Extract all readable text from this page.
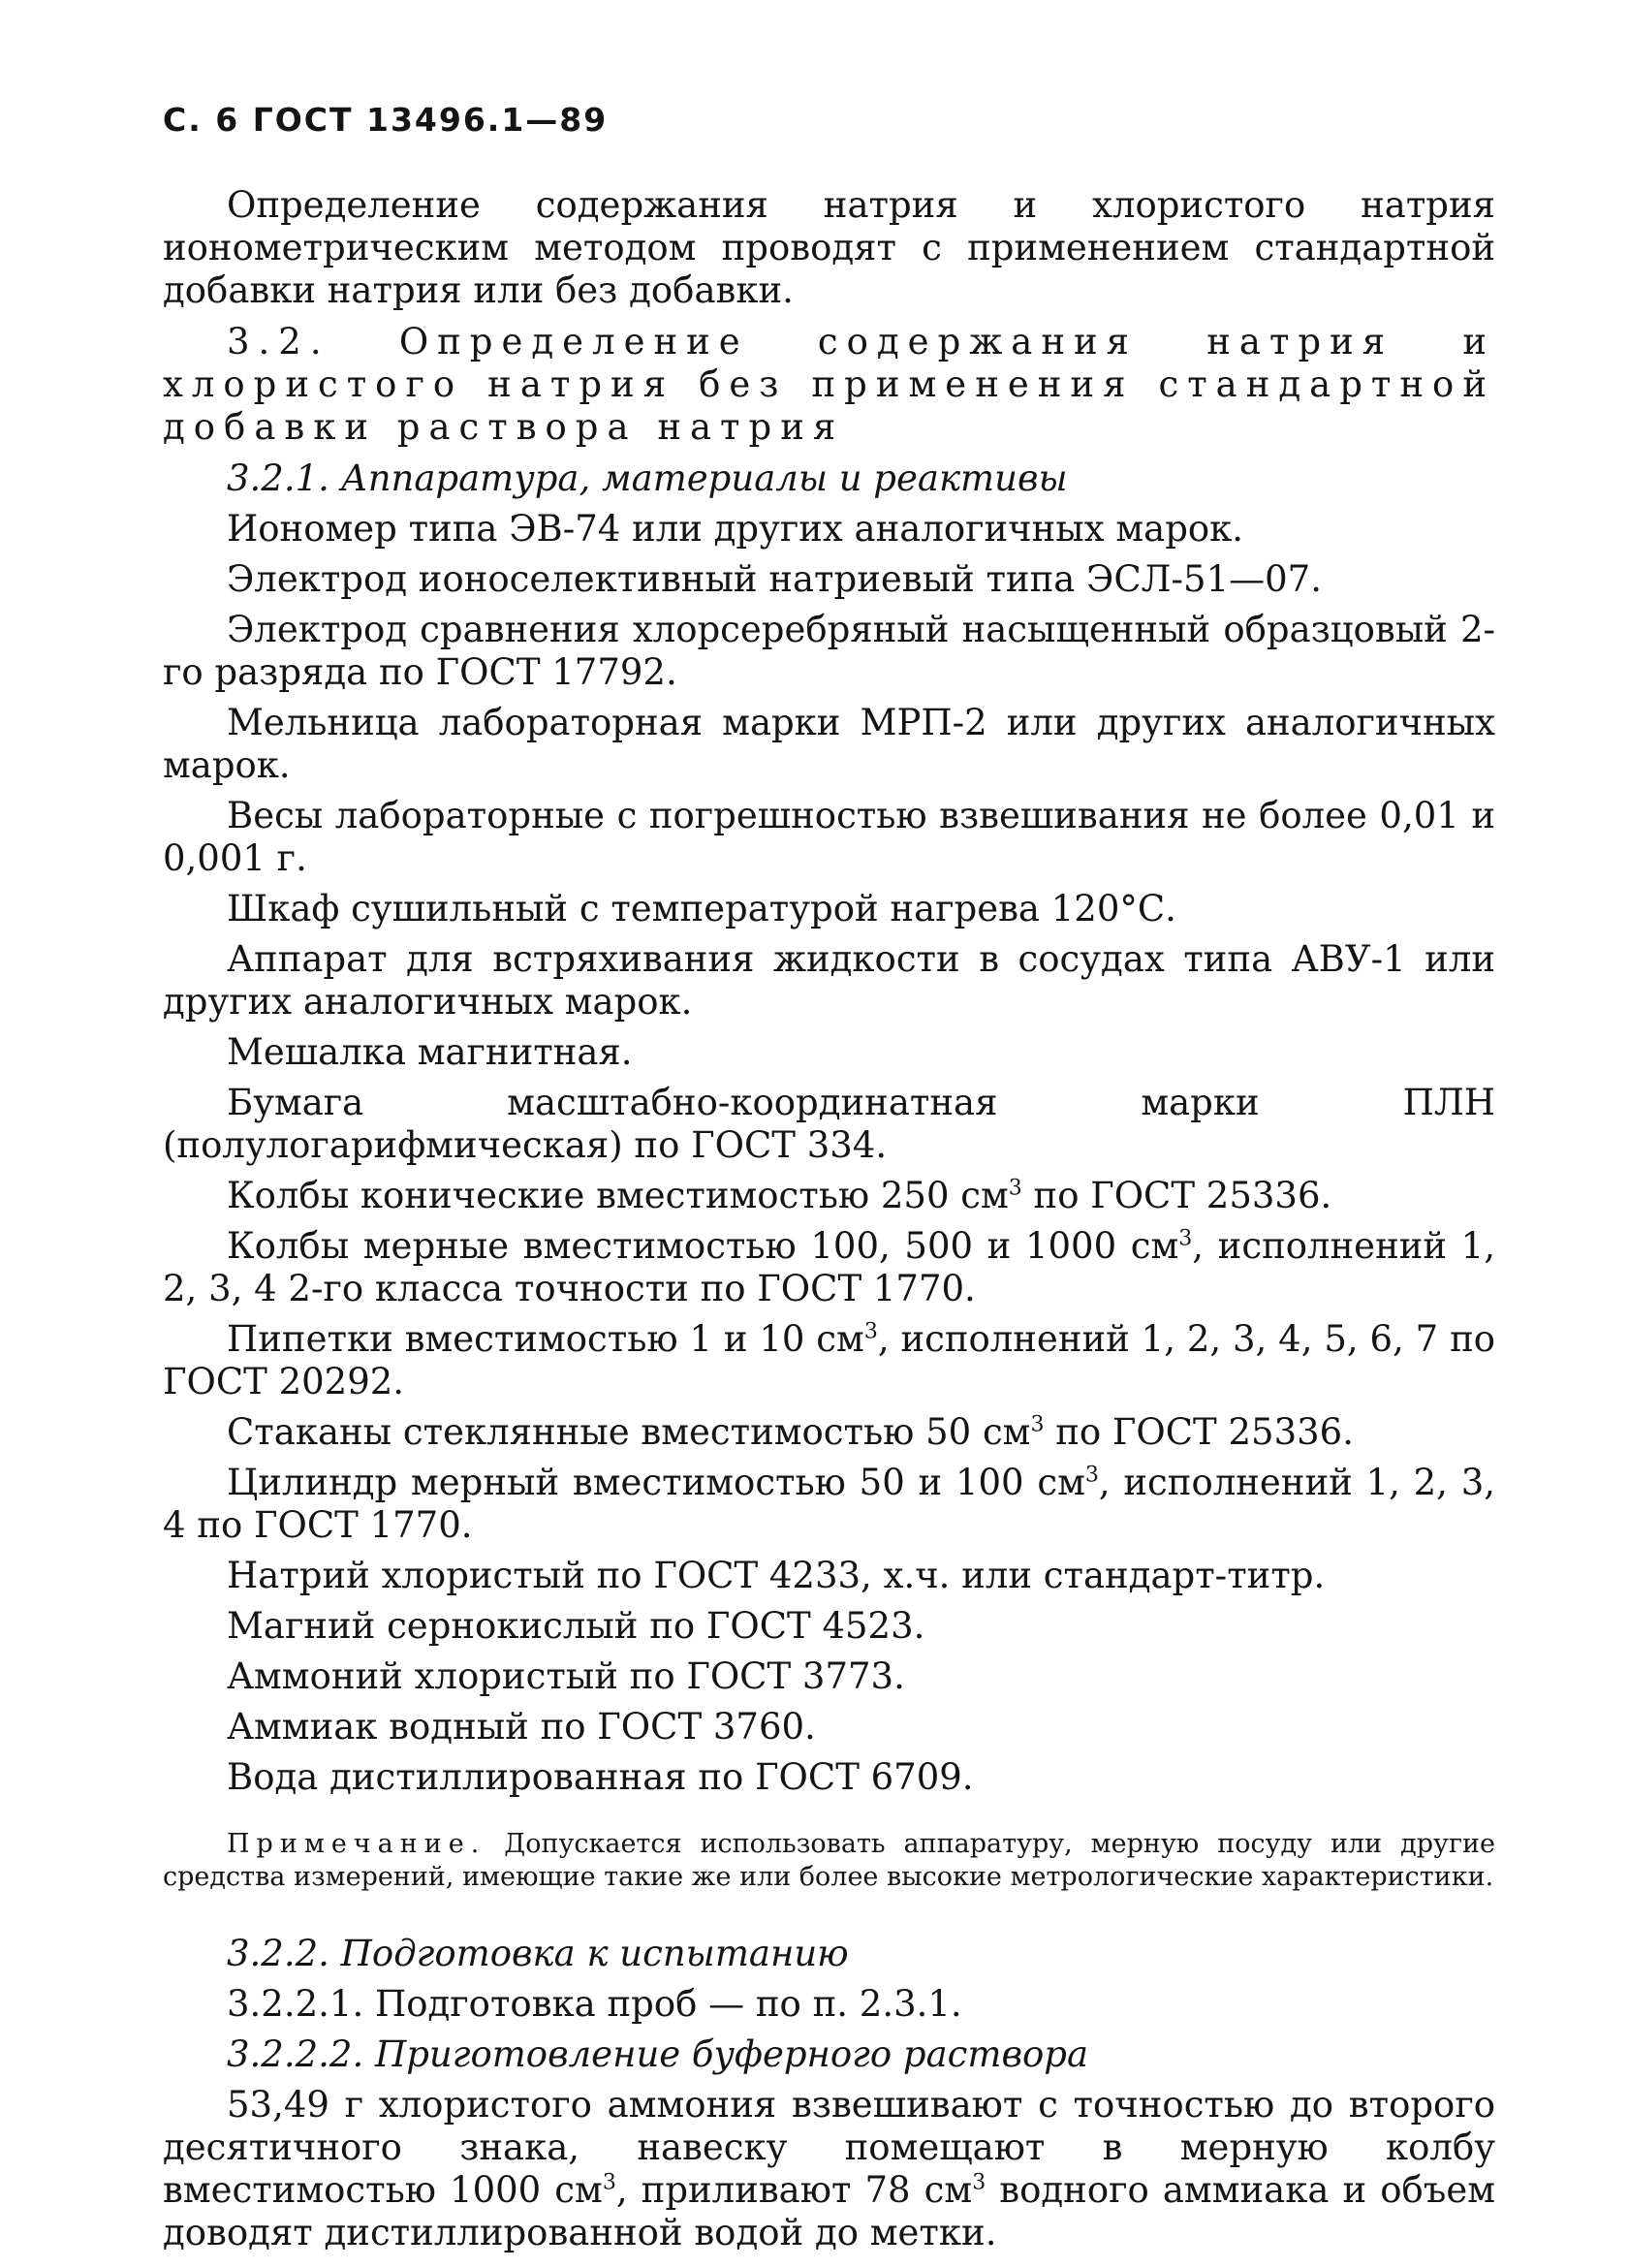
С. 6 ГОСТ 13496.1—89

Определение содержания натрия и хлористого натрия ионометрическим методом проводят с применением стандартной добавки натрия или без добавки.

3.2. Определение содержания натрия и хлористого натрия без применения стандартной добавки раствора натрия

3.2.1. Аппаратура, материалы и реактивы

Иономер типа ЭВ-74 или других аналогичных марок.

Электрод ионоселективный натриевый типа ЭСЛ-51—07.

Электрод сравнения хлорсеребряный насыщенный образцовый 2-го разряда по ГОСТ 17792.

Мельница лабораторная марки МРП-2 или других аналогичных марок.

Весы лабораторные с погрешностью взвешивания не более 0,01 и 0,001 г.

Шкаф сушильный с температурой нагрева 120°С.

Аппарат для встряхивания жидкости в сосудах типа АВУ-1 или других аналогичных марок.

Мешалка магнитная.

Бумага масштабно-координатная марки ПЛН (полулогарифмическая) по ГОСТ 334.

Колбы конические вместимостью 250 $см^3$ по ГОСТ 25336.

Колбы мерные вместимостью 100, 500 и 1000 $см^3$, исполнений 1, 2, 3, 4 2-го класса точности по ГОСТ 1770.

Пипетки вместимостью 1 и 10 $см^3$, исполнений 1, 2, 3, 4, 5, 6, 7 по ГОСТ 20292.

Стаканы стеклянные вместимостью 50 $см^3$ по ГОСТ 25336.

Цилиндр мерный вместимостью 50 и 100 $см^3$, исполнений 1, 2, 3, 4 по ГОСТ 1770.

Натрий хлористый по ГОСТ 4233, х.ч. или стандарт-титр.

Магний сернокислый по ГОСТ 4523.

Аммоний хлористый по ГОСТ 3773.

Аммиак водный по ГОСТ 3760.

Вода дистиллированная по ГОСТ 6709.

Примечание. Допускается использовать аппаратуру, мерную посуду или другие средства измерений, имеющие такие же или более высокие метрологические характеристики.

3.2.2. Подготовка к испытанию

3.2.2.1. Подготовка проб — по п. 2.3.1.

3.2.2.2. Приготовление буферного раствора

53,49 г хлористого аммония взвешивают с точностью до второго десятичного знака, навеску помещают в мерную колбу вместимостью 1000 $см^3$, приливают 78 $см^3$ водного аммиака и объем доводят дистиллированной водой до метки.
